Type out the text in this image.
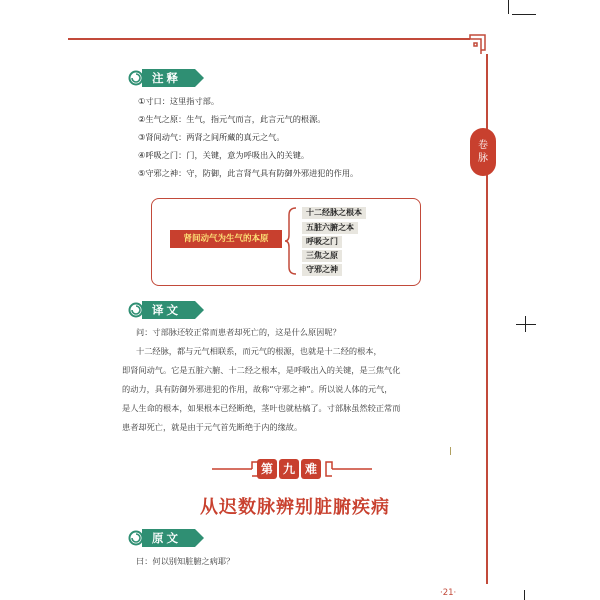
卷
脉
注释
①寸口：这里指寸部。
②生气之原：生气，指元气而言，此言元气的根源。
③肾间动气：两肾之间所藏的真元之气。
④呼吸之门：门，关键，意为呼吸出入的关键。
⑤守邪之神：守，防御，此言肾气具有防御外邪进犯的作用。
肾间动气为生气的本原
十二经脉之根本
五脏六腑之本
呼吸之门
三焦之原
守邪之神
译文
问：寸部脉还较正常而患者却死亡的，这是什么原因呢？
十二经脉，都与元气相联系，而元气的根源，也就是十二经的根本，
即肾间动气。它是五脏六腑、十二经之根本，是呼吸出入的关键，是三焦气化
的动力，具有防御外邪进犯的作用，故称“守邪之神”。所以说人体的元气，
是人生命的根本，如果根本已经断绝，茎叶也就枯槁了。寸部脉虽然较正常而
患者却死亡，就是由于元气首先断绝于内的缘故。
第 九 难
从迟数脉辨别脏腑疾病
原文
曰：何以别知脏腑之病耶？
·21·
